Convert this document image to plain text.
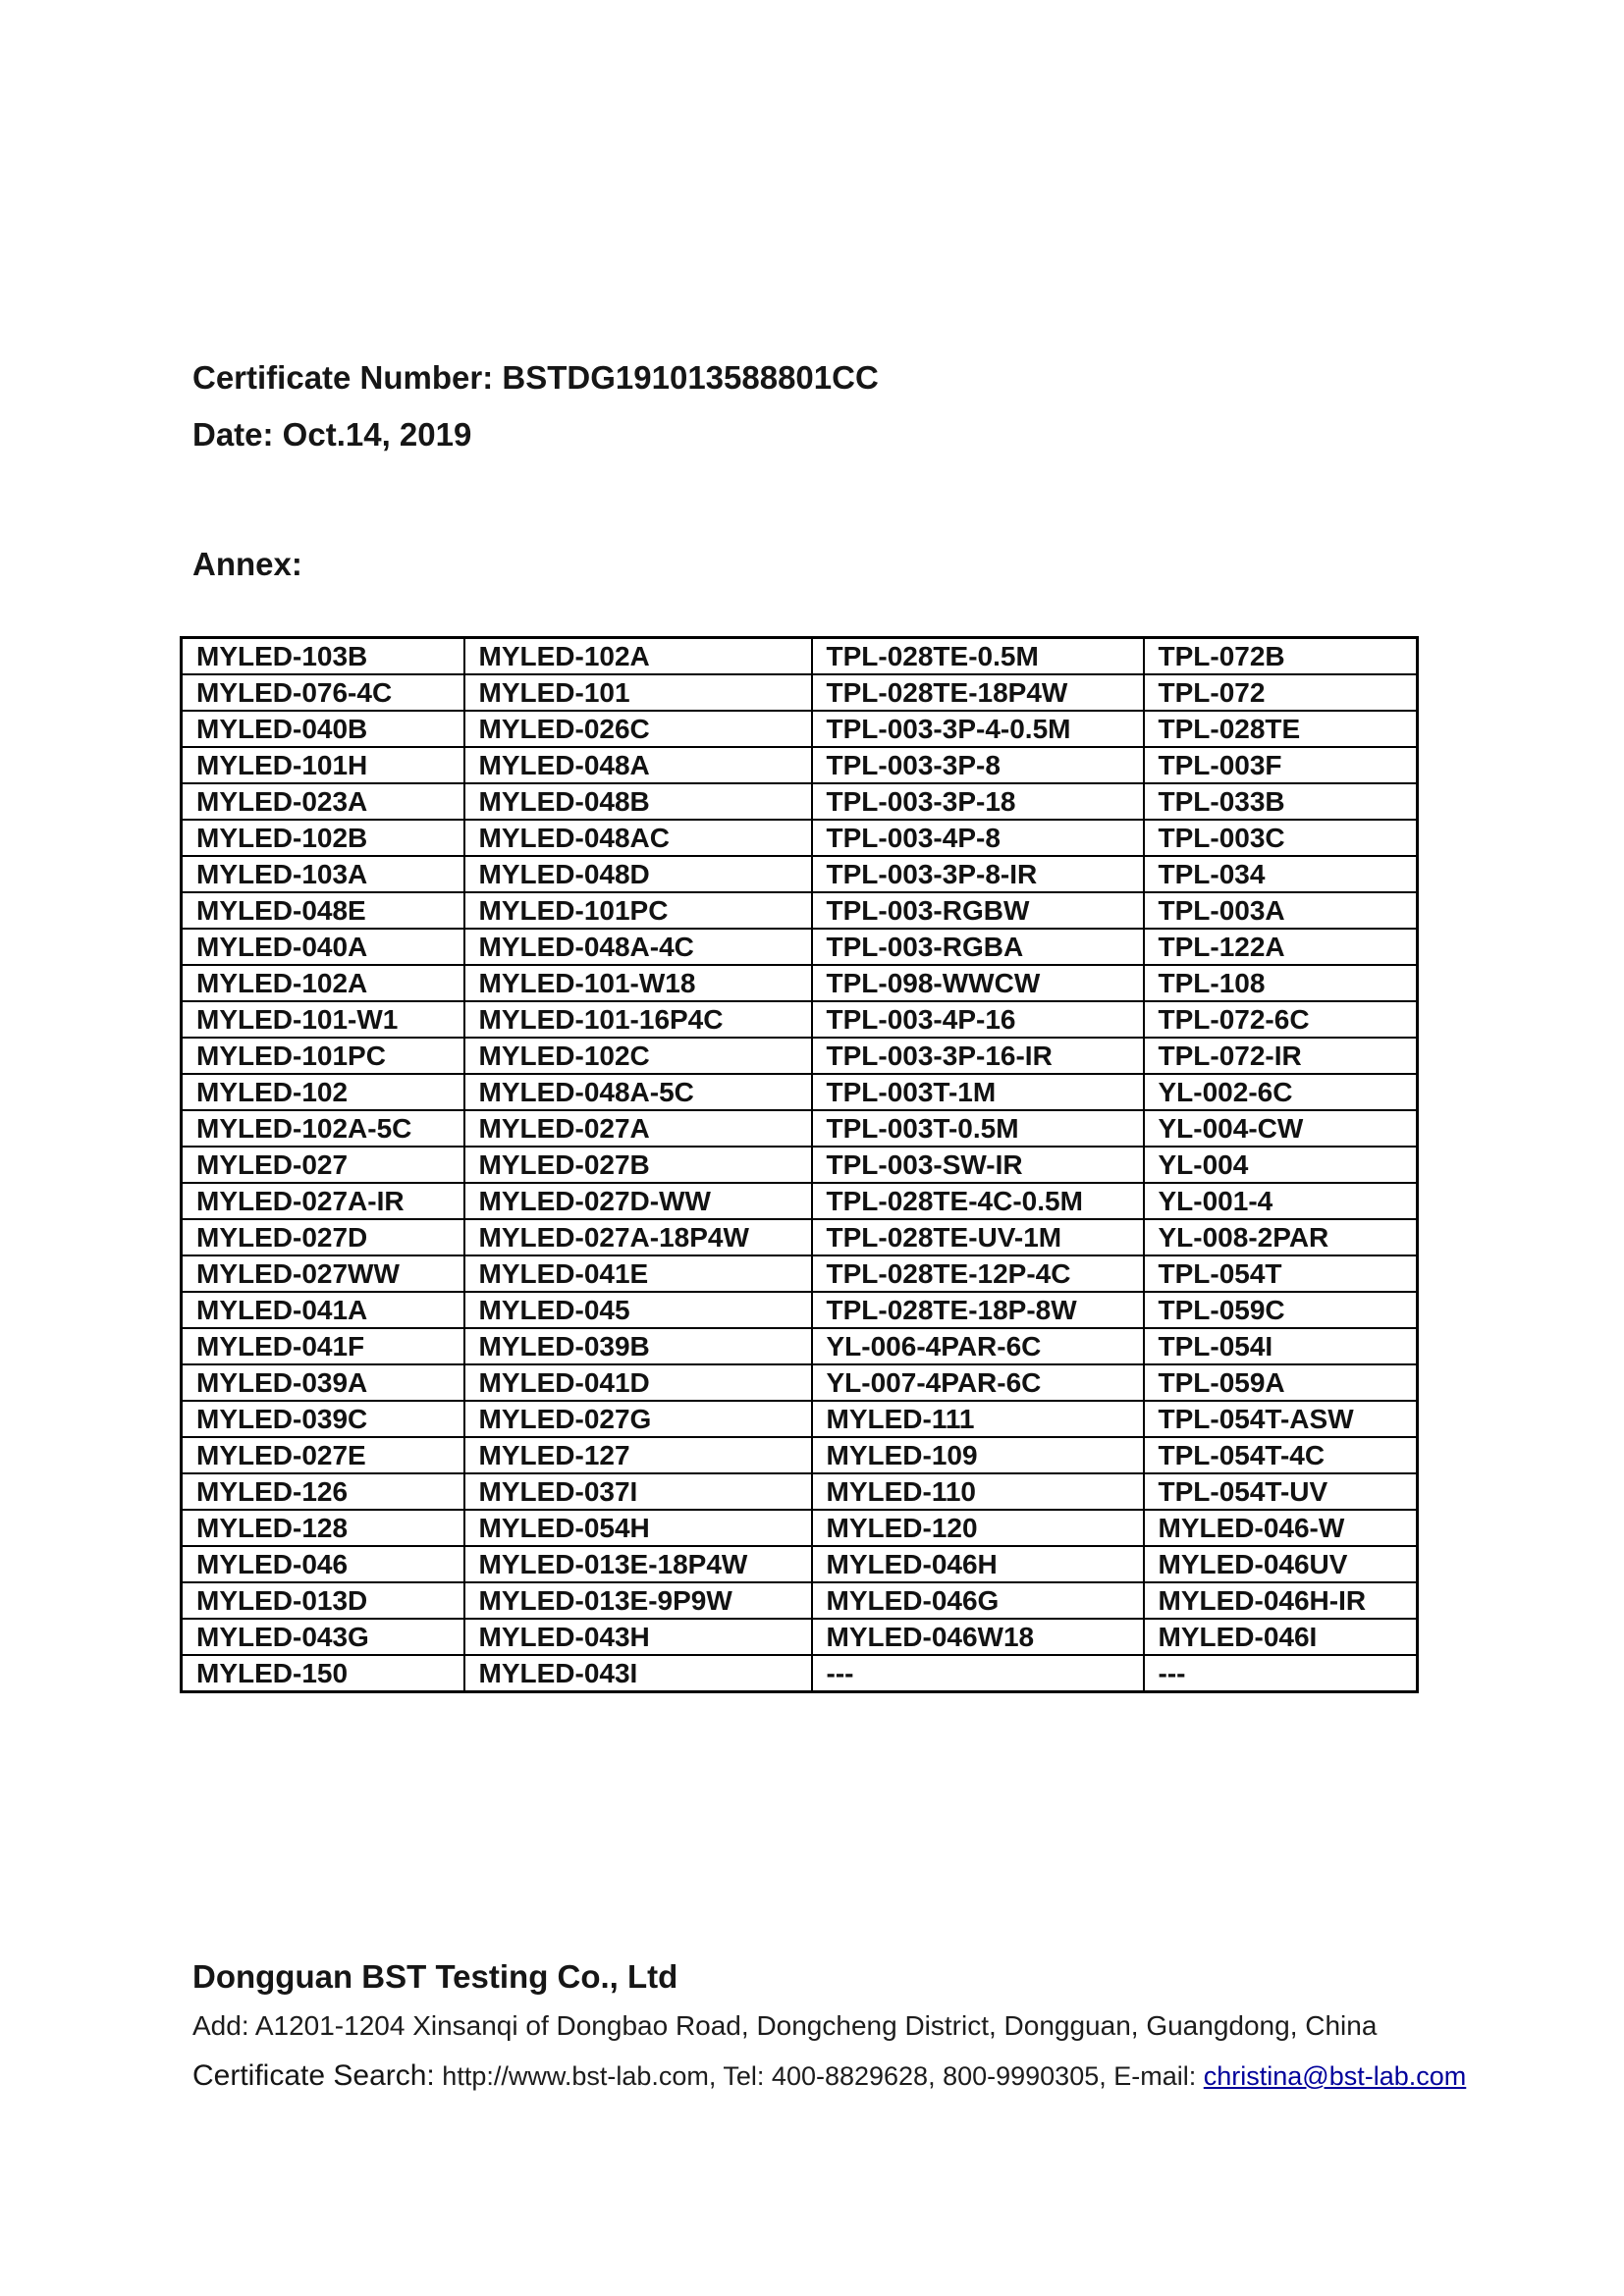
Certificate Number: BSTDG191013588801CC
Date: Oct.14, 2019
Annex:
MYLED-103B	MYLED-102A	TPL-028TE-0.5M	TPL-072B
MYLED-076-4C	MYLED-101	TPL-028TE-18P4W	TPL-072
MYLED-040B	MYLED-026C	TPL-003-3P-4-0.5M	TPL-028TE
MYLED-101H	MYLED-048A	TPL-003-3P-8	TPL-003F
MYLED-023A	MYLED-048B	TPL-003-3P-18	TPL-033B
MYLED-102B	MYLED-048AC	TPL-003-4P-8	TPL-003C
MYLED-103A	MYLED-048D	TPL-003-3P-8-IR	TPL-034
MYLED-048E	MYLED-101PC	TPL-003-RGBW	TPL-003A
MYLED-040A	MYLED-048A-4C	TPL-003-RGBA	TPL-122A
MYLED-102A	MYLED-101-W18	TPL-098-WWCW	TPL-108
MYLED-101-W1	MYLED-101-16P4C	TPL-003-4P-16	TPL-072-6C
MYLED-101PC	MYLED-102C	TPL-003-3P-16-IR	TPL-072-IR
MYLED-102	MYLED-048A-5C	TPL-003T-1M	YL-002-6C
MYLED-102A-5C	MYLED-027A	TPL-003T-0.5M	YL-004-CW
MYLED-027	MYLED-027B	TPL-003-SW-IR	YL-004
MYLED-027A-IR	MYLED-027D-WW	TPL-028TE-4C-0.5M	YL-001-4
MYLED-027D	MYLED-027A-18P4W	TPL-028TE-UV-1M	YL-008-2PAR
MYLED-027WW	MYLED-041E	TPL-028TE-12P-4C	TPL-054T
MYLED-041A	MYLED-045	TPL-028TE-18P-8W	TPL-059C
MYLED-041F	MYLED-039B	YL-006-4PAR-6C	TPL-054I
MYLED-039A	MYLED-041D	YL-007-4PAR-6C	TPL-059A
MYLED-039C	MYLED-027G	MYLED-111	TPL-054T-ASW
MYLED-027E	MYLED-127	MYLED-109	TPL-054T-4C
MYLED-126	MYLED-037I	MYLED-110	TPL-054T-UV
MYLED-128	MYLED-054H	MYLED-120	MYLED-046-W
MYLED-046	MYLED-013E-18P4W	MYLED-046H	MYLED-046UV
MYLED-013D	MYLED-013E-9P9W	MYLED-046G	MYLED-046H-IR
MYLED-043G	MYLED-043H	MYLED-046W18	MYLED-046I
MYLED-150	MYLED-043I	---	---
Dongguan BST Testing Co., Ltd
Add: A1201-1204 Xinsanqi of Dongbao Road, Dongcheng District, Dongguan, Guangdong, China
Certificate Search: http://www.bst-lab.com, Tel: 400-8829628, 800-9990305, E-mail: christina@bst-lab.com
